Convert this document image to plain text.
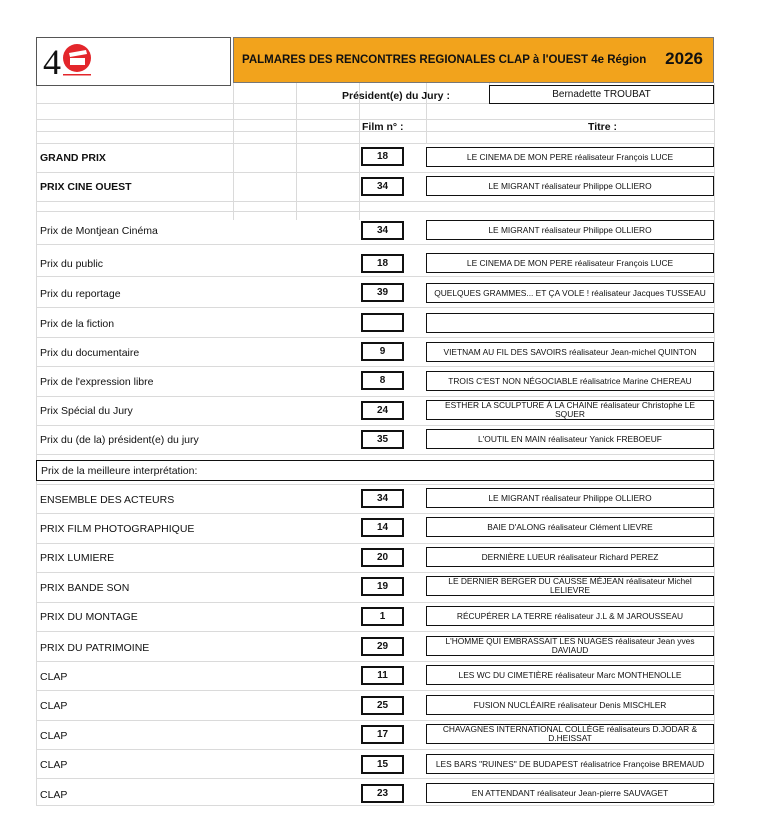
4	PALMARES DES RENCONTRES REGIONALES CLAP à l'OUEST 4e Région 2026
Président(e) du Jury :	Bernadette TROUBAT
Film n° :	Titre :
GRAND PRIX	18	LE CINEMA DE MON PERE réalisateur François LUCE
PRIX CINE OUEST	34	LE MIGRANT réalisateur Philippe OLLIERO
Prix de Montjean Cinéma	34	LE MIGRANT réalisateur Philippe OLLIERO
Prix du public	18	LE CINEMA DE MON PERE réalisateur François LUCE
Prix du reportage	39	QUELQUES GRAMMES... ET ÇA VOLE ! réalisateur Jacques TUSSEAU
Prix de la fiction
Prix du documentaire	9	VIETNAM AU FIL DES SAVOIRS réalisateur Jean-michel QUINTON
Prix de l'expression libre	8	TROIS C'EST NON NÉGOCIABLE réalisatrice Marine CHEREAU
Prix Spécial du Jury	24	ESTHER LA SCULPTURE À LA CHAINE réalisateur Christophe LE SQUER
Prix du (de la) président(e) du jury	35	L'OUTIL EN MAIN réalisateur Yanick FREBOEUF
Prix de la meilleure interprétation:
ENSEMBLE DES ACTEURS	34	LE MIGRANT réalisateur Philippe OLLIERO
PRIX FILM PHOTOGRAPHIQUE	14	BAIE D'ALONG réalisateur Clément LIEVRE
PRIX LUMIERE	20	DERNIÈRE LUEUR réalisateur Richard PEREZ
PRIX BANDE SON	19	LE DERNIER BERGER DU CAUSSE MÉJEAN réalisateur Michel LELIEVRE
PRIX DU MONTAGE	1	RÉCUPÉRER LA TERRE réalisateur J.L & M JAROUSSEAU
PRIX DU PATRIMOINE	29	L'HOMME QUI EMBRASSAIT LES NUAGES réalisateur Jean yves DAVIAUD
CLAP	11	LES WC DU CIMETIÈRE réalisateur Marc MONTHENOLLE
CLAP	25	FUSION NUCLÉAIRE réalisateur Denis MISCHLER
CLAP	17	CHAVAGNES INTERNATIONAL COLLÈGE réalisateurs D.JODAR & D.HEISSAT
CLAP	15	LES BARS "RUINES" DE BUDAPEST réalisatrice Françoise BREMAUD
CLAP	23	EN ATTENDANT réalisateur Jean-pierre SAUVAGET
